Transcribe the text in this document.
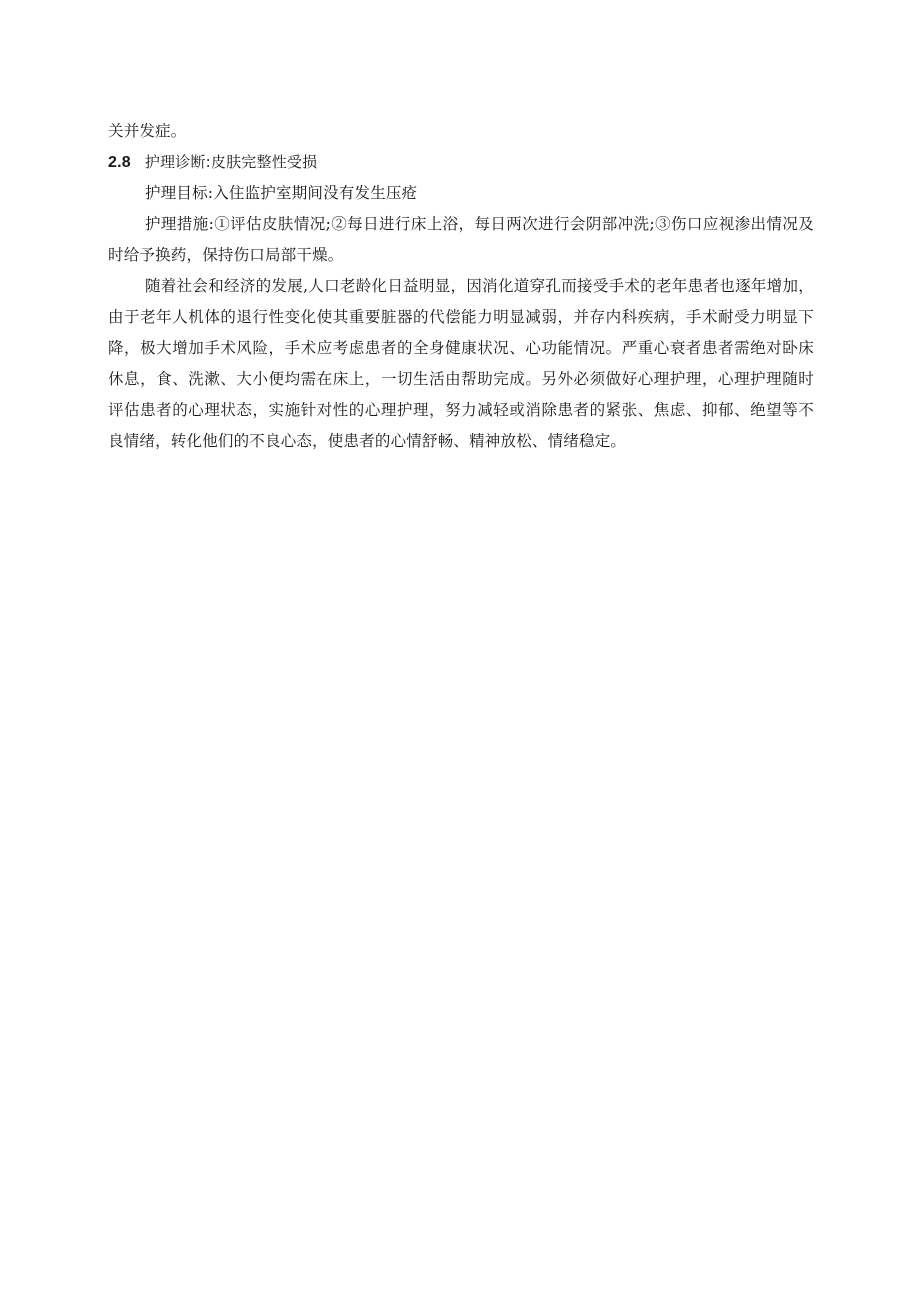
关并发症。

2.8 护理诊断:皮肤完整性受损

护理目标:入住监护室期间没有发生压疮

护理措施:①评估皮肤情况;②每日进行床上浴，每日两次进行会阴部冲洗;③伤口应视渗出情况及时给予换药，保持伤口局部干燥。

随着社会和经济的发展,人口老龄化日益明显，因消化道穿孔而接受手术的老年患者也逐年增加，由于老年人机体的退行性变化使其重要脏器的代偿能力明显减弱，并存内科疾病，手术耐受力明显下降，极大增加手术风险，手术应考虑患者的全身健康状况、心功能情况。严重心衰者患者需绝对卧床休息，食、洗漱、大小便均需在床上，一切生活由帮助完成。另外必须做好心理护理，心理护理随时评估患者的心理状态，实施针对性的心理护理，努力减轻或消除患者的紧张、焦虑、抑郁、绝望等不良情绪，转化他们的不良心态，使患者的心情舒畅、精神放松、情绪稳定。
